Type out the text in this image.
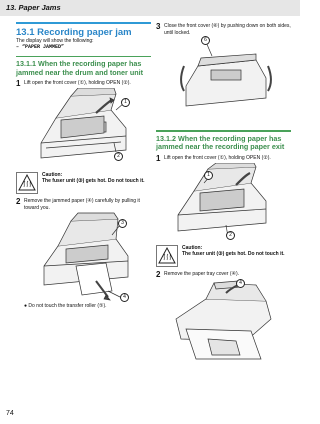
13. Paper Jams
13.1 Recording paper jam

The display will show the following:

– “PAPER JAMMED”

13.1.1 When the recording paper has jammed near the drum and toner unit
1 Lift open the front cover (①), holding OPEN (②).
1
2
Caution:
The fuser unit (③) gets hot. Do not touch it.
2 Remove the jammed paper (④) carefully by pulling it toward you.
3
4
● Do not touch the transfer roller (⑤).
3 Close the front cover (⑥) by pushing down on both sides, until locked.
6
13.1.2 When the recording paper has jammed near the recording paper exit
1 Lift open the front cover (①), holding OPEN (②).
1
2
Caution:
The fuser unit (③) gets hot. Do not touch it.
2 Remove the paper tray cover (④).
4
74
